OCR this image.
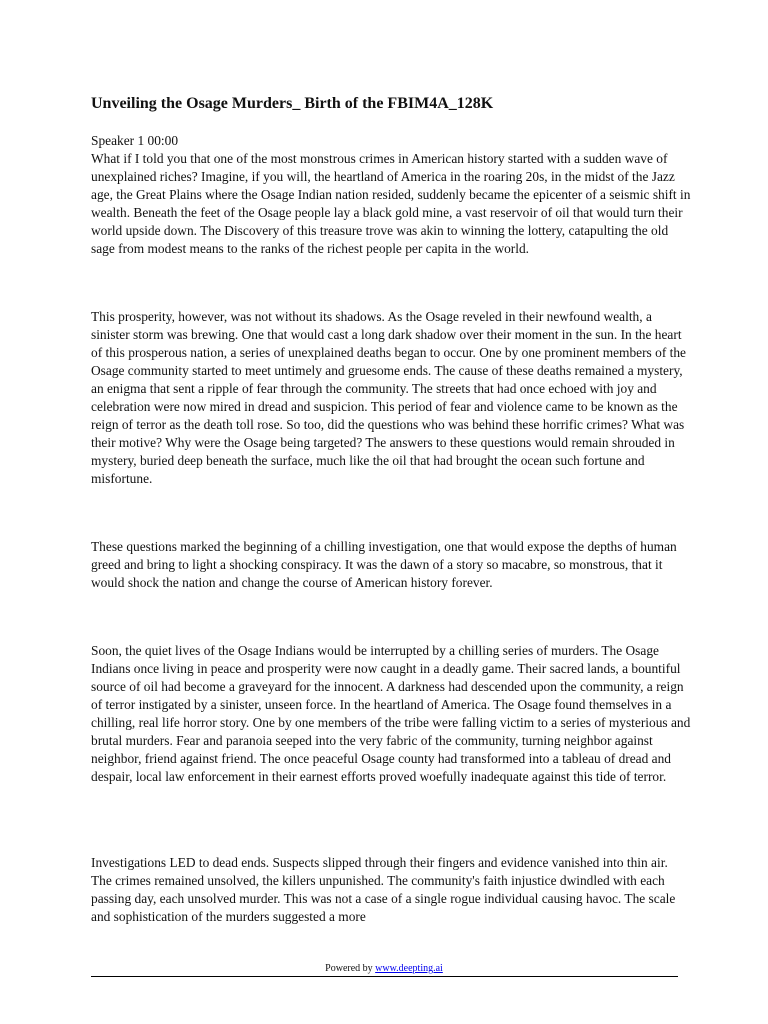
Unveiling the Osage Murders_ Birth of the FBIM4A_128K

Speaker 1 00:00

What if I told you that one of the most monstrous crimes in American history started with a sudden wave of unexplained riches? Imagine, if you will, the heartland of America in the roaring 20s, in the midst of the Jazz age, the Great Plains where the Osage Indian nation resided, suddenly became the epicenter of a seismic shift in wealth. Beneath the feet of the Osage people lay a black gold mine, a vast reservoir of oil that would turn their world upside down. The Discovery of this treasure trove was akin to winning the lottery, catapulting the old sage from modest means to the ranks of the richest people per capita in the world.

This prosperity, however, was not without its shadows. As the Osage reveled in their newfound wealth, a sinister storm was brewing. One that would cast a long dark shadow over their moment in the sun. In the heart of this prosperous nation, a series of unexplained deaths began to occur. One by one prominent members of the Osage community started to meet untimely and gruesome ends. The cause of these deaths remained a mystery, an enigma that sent a ripple of fear through the community. The streets that had once echoed with joy and celebration were now mired in dread and suspicion. This period of fear and violence came to be known as the reign of terror as the death toll rose. So too, did the questions who was behind these horrific crimes? What was their motive? Why were the Osage being targeted? The answers to these questions would remain shrouded in mystery, buried deep beneath the surface, much like the oil that had brought the ocean such fortune and misfortune.

These questions marked the beginning of a chilling investigation, one that would expose the depths of human greed and bring to light a shocking conspiracy. It was the dawn of a story so macabre, so monstrous, that it would shock the nation and change the course of American history forever.

Soon, the quiet lives of the Osage Indians would be interrupted by a chilling series of murders. The Osage Indians once living in peace and prosperity were now caught in a deadly game. Their sacred lands, a bountiful source of oil had become a graveyard for the innocent. A darkness had descended upon the community, a reign of terror instigated by a sinister, unseen force. In the heartland of America. The Osage found themselves in a chilling, real life horror story. One by one members of the tribe were falling victim to a series of mysterious and brutal murders. Fear and paranoia seeped into the very fabric of the community, turning neighbor against neighbor, friend against friend. The once peaceful Osage county had transformed into a tableau of dread and despair, local law enforcement in their earnest efforts proved woefully inadequate against this tide of terror.

Investigations LED to dead ends. Suspects slipped through their fingers and evidence vanished into thin air. The crimes remained unsolved, the killers unpunished. The community's faith injustice dwindled with each passing day, each unsolved murder. This was not a case of a single rogue individual causing havoc. The scale and sophistication of the murders suggested a more

Powered by www.deepting.ai
